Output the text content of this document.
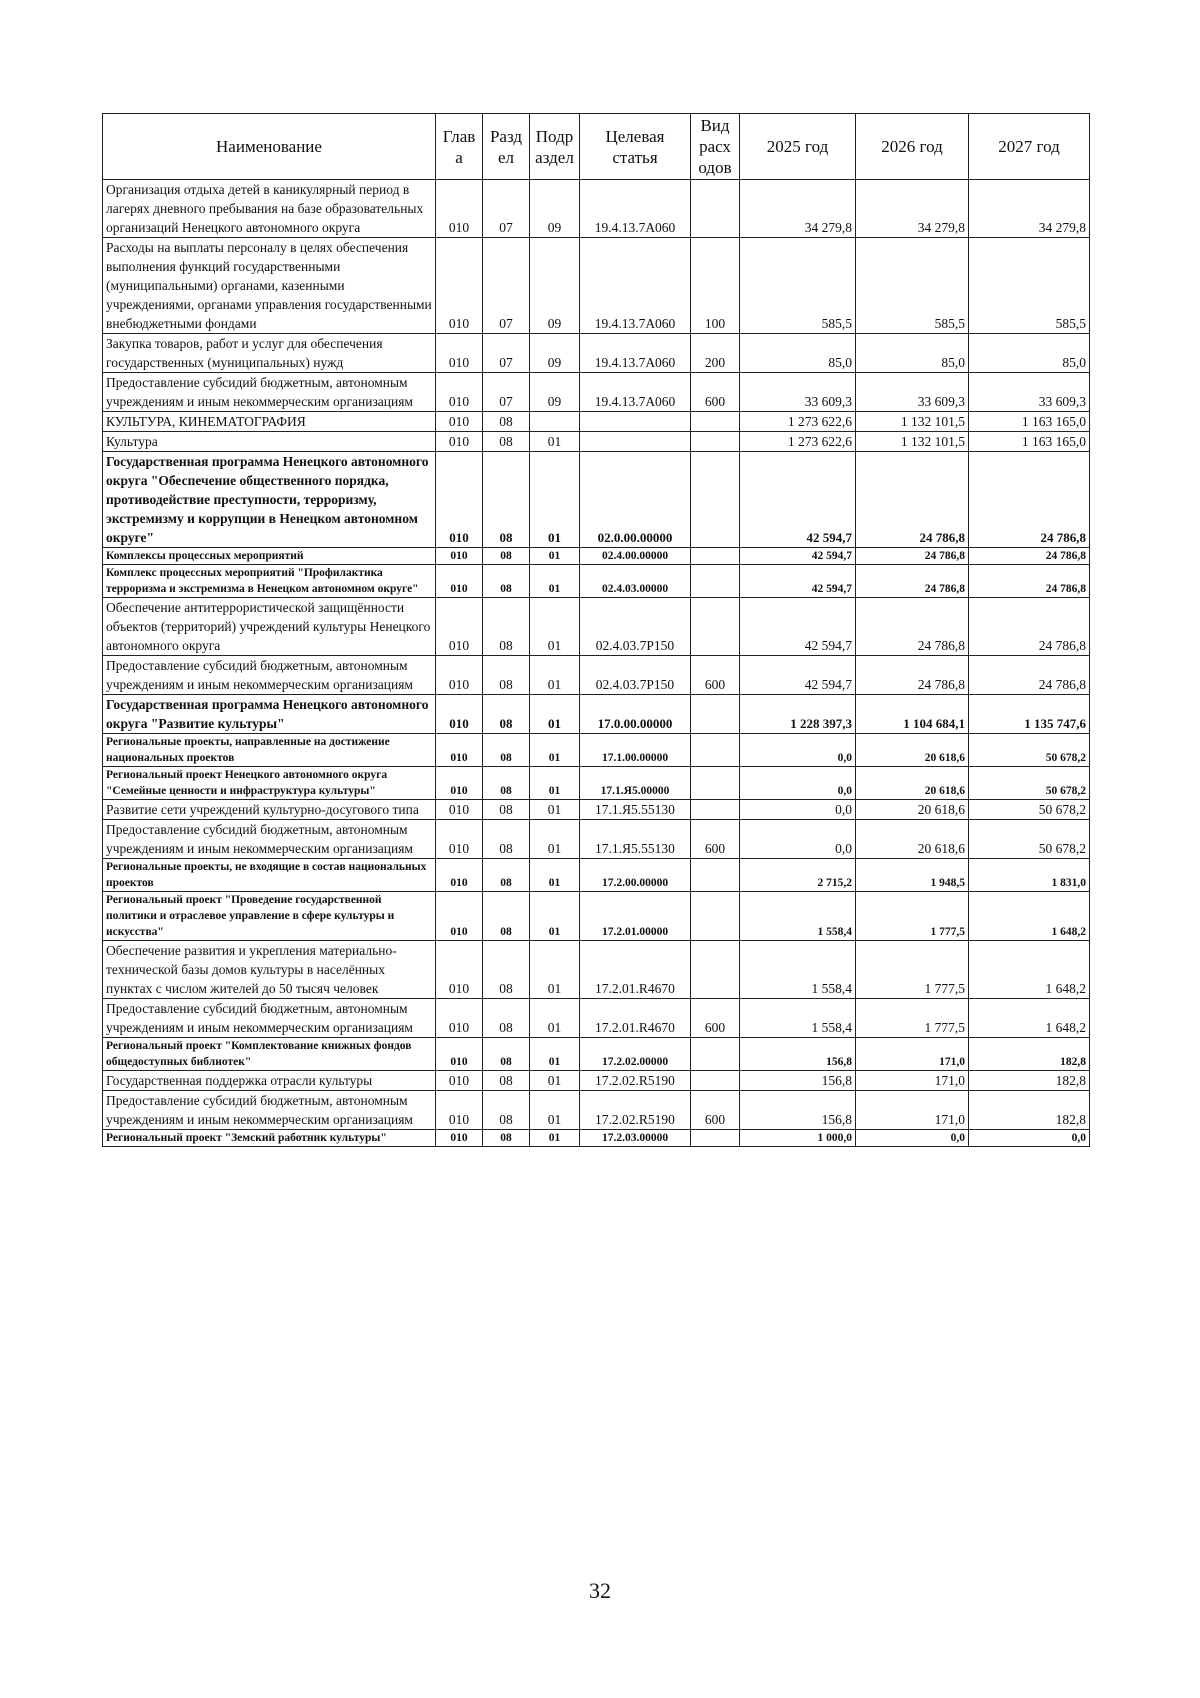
Наименование	Глав а	Разд ел	Подр аздел	Целевая статья	Вид расх одов	2025 год	2026 год	2027 год
Организация отдыха детей в каникулярный период в лагерях дневного пребывания на базе образовательных организаций Ненецкого автономного округа	010	07	09	19.4.13.7А060		34 279,8	34 279,8	34 279,8
Расходы на выплаты персоналу в целях обеспечения выполнения функций государственными (муниципальными) органами, казенными учреждениями, органами управления государственными внебюджетными фондами	010	07	09	19.4.13.7А060	100	585,5	585,5	585,5
Закупка товаров, работ и услуг для обеспечения государственных (муниципальных) нужд	010	07	09	19.4.13.7А060	200	85,0	85,0	85,0
Предоставление субсидий бюджетным, автономным учреждениям и иным некоммерческим организациям	010	07	09	19.4.13.7А060	600	33 609,3	33 609,3	33 609,3
КУЛЬТУРА, КИНЕМАТОГРАФИЯ	010	08				1 273 622,6	1 132 101,5	1 163 165,0
Культура	010	08	01			1 273 622,6	1 132 101,5	1 163 165,0
Государственная программа Ненецкого автономного округа "Обеспечение общественного порядка, противодействие преступности, терроризму, экстремизму и коррупции в Ненецком автономном округе"	010	08	01	02.0.00.00000		42 594,7	24 786,8	24 786,8
Комплексы процессных мероприятий	010	08	01	02.4.00.00000		42 594,7	24 786,8	24 786,8
Комплекс процессных мероприятий "Профилактика терроризма и экстремизма в Ненецком автономном округе"	010	08	01	02.4.03.00000		42 594,7	24 786,8	24 786,8
Обеспечение антитеррористической защищённости объектов (территорий) учреждений культуры Ненецкого автономного округа	010	08	01	02.4.03.7Р150		42 594,7	24 786,8	24 786,8
Предоставление субсидий бюджетным, автономным учреждениям и иным некоммерческим организациям	010	08	01	02.4.03.7Р150	600	42 594,7	24 786,8	24 786,8
Государственная программа Ненецкого автономного округа "Развитие культуры"	010	08	01	17.0.00.00000		1 228 397,3	1 104 684,1	1 135 747,6
Региональные проекты, направленные на достижение национальных проектов	010	08	01	17.1.00.00000		0,0	20 618,6	50 678,2
Региональный проект Ненецкого автономного округа "Семейные ценности и инфраструктура культуры"	010	08	01	17.1.Я5.00000		0,0	20 618,6	50 678,2
Развитие сети учреждений культурно-досугового типа	010	08	01	17.1.Я5.55130		0,0	20 618,6	50 678,2
Предоставление субсидий бюджетным, автономным учреждениям и иным некоммерческим организациям	010	08	01	17.1.Я5.55130	600	0,0	20 618,6	50 678,2
Региональные проекты, не входящие в состав национальных проектов	010	08	01	17.2.00.00000		2 715,2	1 948,5	1 831,0
Региональный проект "Проведение государственной политики и отраслевое управление в сфере культуры и искусства"	010	08	01	17.2.01.00000		1 558,4	1 777,5	1 648,2
Обеспечение развития и укрепления материально-технической базы домов культуры в населённых пунктах с числом жителей до 50 тысяч человек	010	08	01	17.2.01.R4670		1 558,4	1 777,5	1 648,2
Предоставление субсидий бюджетным, автономным учреждениям и иным некоммерческим организациям	010	08	01	17.2.01.R4670	600	1 558,4	1 777,5	1 648,2
Региональный проект "Комплектование книжных фондов общедоступных библиотек"	010	08	01	17.2.02.00000		156,8	171,0	182,8
Государственная поддержка отрасли культуры	010	08	01	17.2.02.R5190		156,8	171,0	182,8
Предоставление субсидий бюджетным, автономным учреждениям и иным некоммерческим организациям	010	08	01	17.2.02.R5190	600	156,8	171,0	182,8
Региональный проект "Земский работник культуры"	010	08	01	17.2.03.00000		1 000,0	0,0	0,0
32
